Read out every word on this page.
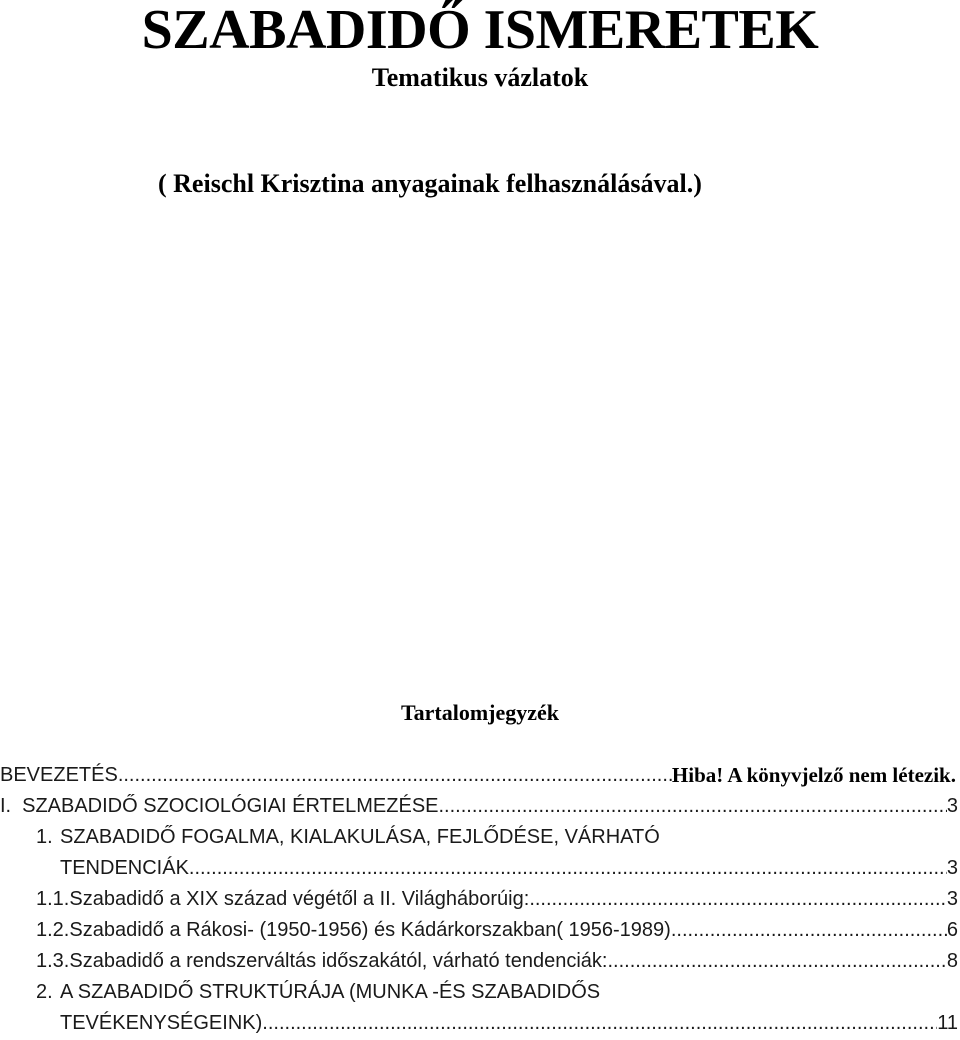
SZABADIDŐ ISMERETEK
Tematikus vázlatok
( Reischl Krisztina anyagainak felhasználásával.)
Tartalomjegyzék
BEVEZETÉS .....	Hiba! A könyvjelző nem létezik.
I. SZABADIDŐ SZOCIOLÓGIAI ÉRTELMEZÉSE .....	3
1. SZABADIDŐ FOGALMA, KIALAKULÁSA, FEJLŐDÉSE, VÁRHATÓ
TENDENCIÁK .....	3
1.1. Szabadidő a XIX század végétől a II. Világháborúig: .....	3
1.2. Szabadidő a Rákosi- (1950-1956) és Kádárkorszakban( 1956-1989) .....	6
1.3. Szabadidő a rendszerváltás időszakától, várható tendenciák: .....	8
2. A SZABADIDŐ STRUKTÚRÁJA (MUNKA -ÉS SZABADIDŐS
TEVÉKENYSÉGEINK) .....	11
